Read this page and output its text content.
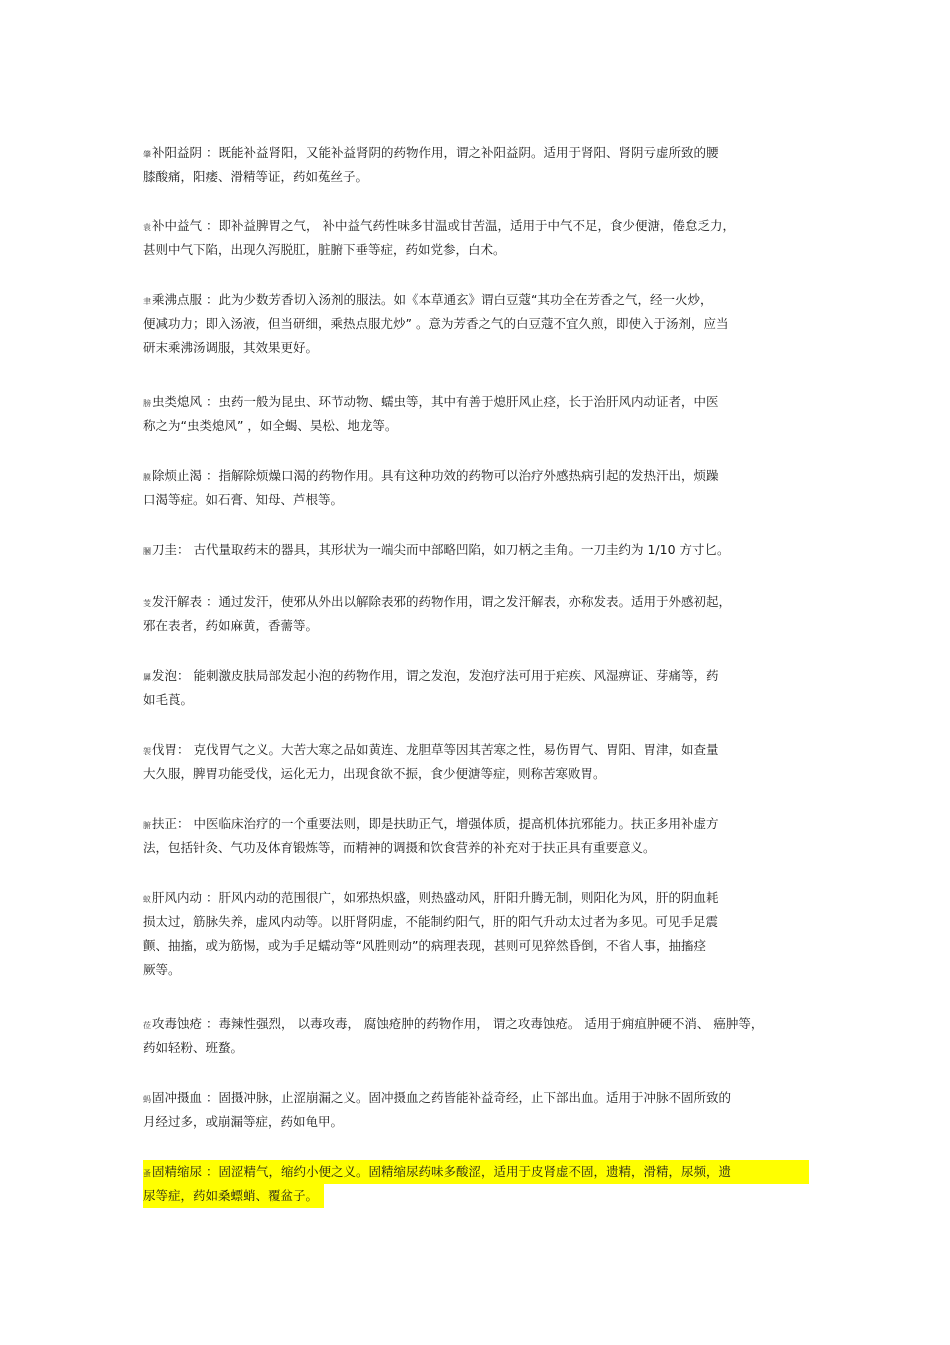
肇补阳益阴 ：既能补益肾阳，又能补益肾阴的药物作用，谓之补阳益阴。适用于肾阳、肾阴亏虚所致的腰
膝酸痛，阳痿、滑精等证，药如菟丝子。
袁补中益气 ：即补益脾胃之气， 补中益气药性味多甘温或甘苦温，适用于中气不足，食少便溏，倦怠乏力，
甚则中气下陷，出现久泻脱肛，脏腑下垂等症，药如党参，白术。
聿乘沸点服 ：此为少数芳香切入汤剂的服法。如《本草通玄》谓白豆蔻“其功全在芳香之气，经一火炒，
便减功力；即入汤液，但当研细，乘热点服尤炒” 。意为芳香之气的白豆蔻不宜久煎，即使入于汤剂，应当
研末乘沸汤调服，其效果更好。
膀虫类熄风 ：虫药一般为昆虫、环节动物、蠕虫等，其中有善于熄肝风止痉，长于治肝风内动证者，中医
称之为“虫类熄风” ，如全蝎、昊松、地龙等。
膜除烦止渴 ：指解除烦燥口渴的药物作用。具有这种功效的药物可以治疗外感热病引起的发热汗出，烦躁
口渴等症。如石膏、知母、芦根等。
膕刀圭： 古代量取药末的器具，其形状为一端尖而中部略凹陷，如刀柄之圭角。一刀圭约为 1/10 方寸匕。
芰发汗解表 ：通过发汗，使邪从外出以解除表邪的药物作用，谓之发汗解表，亦称发表。适用于外感初起，
邪在表者，药如麻黄，香薷等。
羼发泡： 能刺激皮肤局部发起小泡的药物作用，谓之发泡，发泡疗法可用于疟疾、风湿痹证、芽痛等，药
如毛莨。
袈伐胃： 克伐胃气之义。大苦大寒之品如黄连、龙胆草等因其苦寒之性，易伤胃气、胃阳、胃津，如查量
大久服，脾胃功能受伐，运化无力，出现食欲不振，食少便溏等症，则称苦寒败胃。
腑扶正： 中医临床治疗的一个重要法则，即是扶助正气，增强体质，提高机体抗邪能力。扶正多用补虚方
法，包括针灸、气功及体育锻炼等，而精神的调摄和饮食营养的补充对于扶正具有重要意义。
蚁肝风内动 ：肝风内动的范围很广，如邪热炽盛，则热盛动风，肝阳升腾无制，则阳化为风，肝的阴血耗
损太过，筋脉失养，虚风内动等。以肝肾阴虚，不能制约阳气，肝的阳气升动太过者为多见。可见手足震
颤、抽搐，或为筋惕，或为手足蠕动等“风胜则动”的病理表现，甚则可见猝然昏倒，不省人事，抽搐痉
厥等。
莅攻毒蚀疮 ：毒辣性强烈， 以毒攻毒， 腐蚀疮肿的药物作用， 谓之攻毒蚀疮。 适用于痈疽肿硬不消、 癌肿等，
药如轻粉、班蝥。
蚂固冲摄血 ：固摄冲脉，止涩崩漏之义。固冲摄血之药皆能补益奇经，止下部出血。适用于冲脉不固所致的
月经过多，或崩漏等症，药如龟甲。
蚤固精缩尿 ：固涩精气，缩约小便之义。固精缩尿药味多酸涩，适用于皮肾虚不固，遗精，滑精，尿频，遗尿等症，药如桑螵蛸、覆盆子。
